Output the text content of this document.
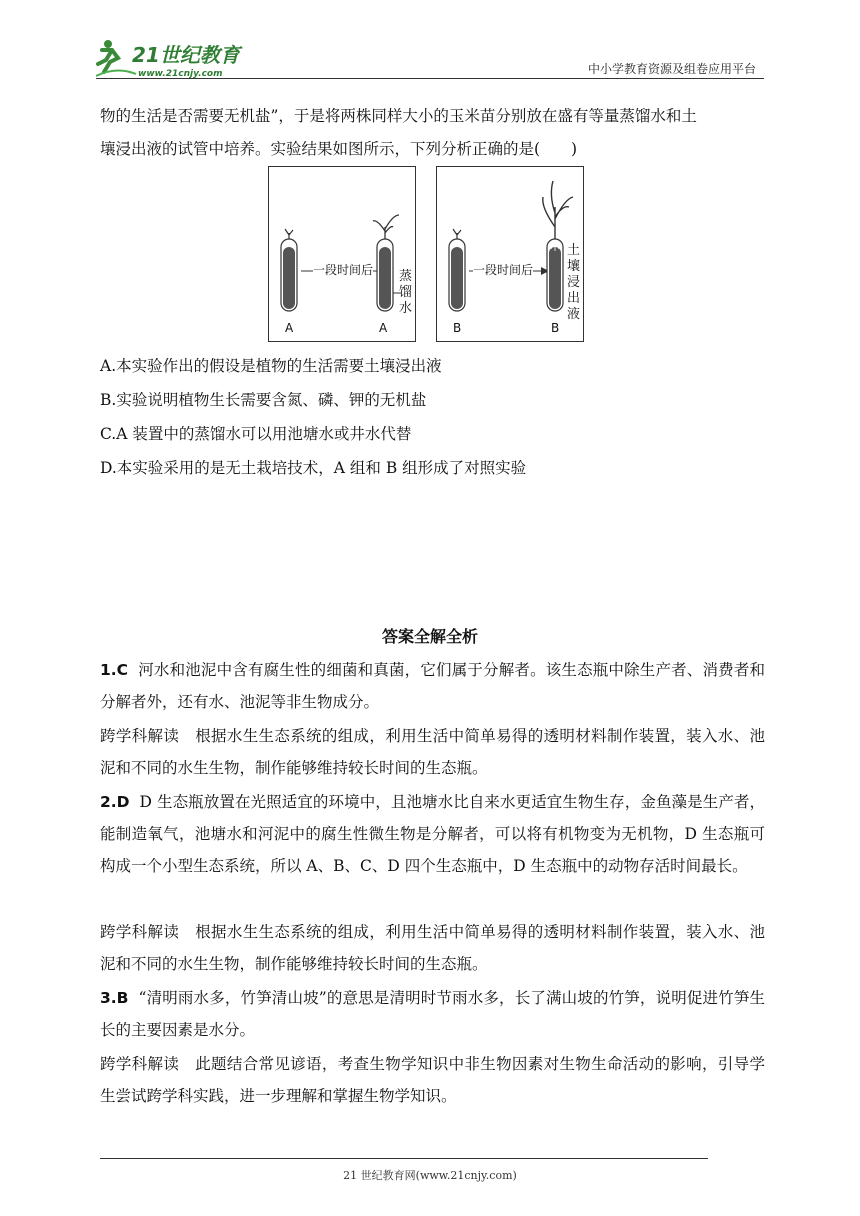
21世纪教育
www.21cnjy.com	中小学教育资源及组卷应用平台

物的生活是否需要无机盐”，于是将两株同样大小的玉米苗分别放在盛有等量蒸馏水和土

壤浸出液的试管中培养。实验结果如图所示，下列分析正确的是(　　)

一段时间后
A	A
蒸
馏
水
一段时间后
B	B
土
壤
浸
出
液

A.本实验作出的假设是植物的生活需要土壤浸出液

B.实验说明植物生长需要含氮、磷、钾的无机盐

C.A 装置中的蒸馏水可以用池塘水或井水代替

D.本实验采用的是无土栽培技术，A 组和 B 组形成了对照实验

答案全解全析

1.C 河水和池泥中含有腐生性的细菌和真菌，它们属于分解者。该生态瓶中除生产者、消费者和分解者外，还有水、池泥等非生物成分。

跨学科解读 根据水生生态系统的组成，利用生活中简单易得的透明材料制作装置，装入水、池泥和不同的水生生物，制作能够维持较长时间的生态瓶。

2.D D 生态瓶放置在光照适宜的环境中，且池塘水比自来水更适宜生物生存，金鱼藻是生产者，能制造氧气，池塘水和河泥中的腐生性微生物是分解者，可以将有机物变为无机物，D 生态瓶可构成一个小型生态系统，所以 A、B、C、D 四个生态瓶中，D 生态瓶中的动物存活时间最长。

跨学科解读 根据水生生态系统的组成，利用生活中简单易得的透明材料制作装置，装入水、池泥和不同的水生生物，制作能够维持较长时间的生态瓶。

3.B “清明雨水多，竹笋清山坡”的意思是清明时节雨水多，长了满山坡的竹笋，说明促进竹笋生长的主要因素是水分。

跨学科解读 此题结合常见谚语，考查生物学知识中非生物因素对生物生命活动的影响，引导学生尝试跨学科实践，进一步理解和掌握生物学知识。

21 世纪教育网(www.21cnjy.com)
